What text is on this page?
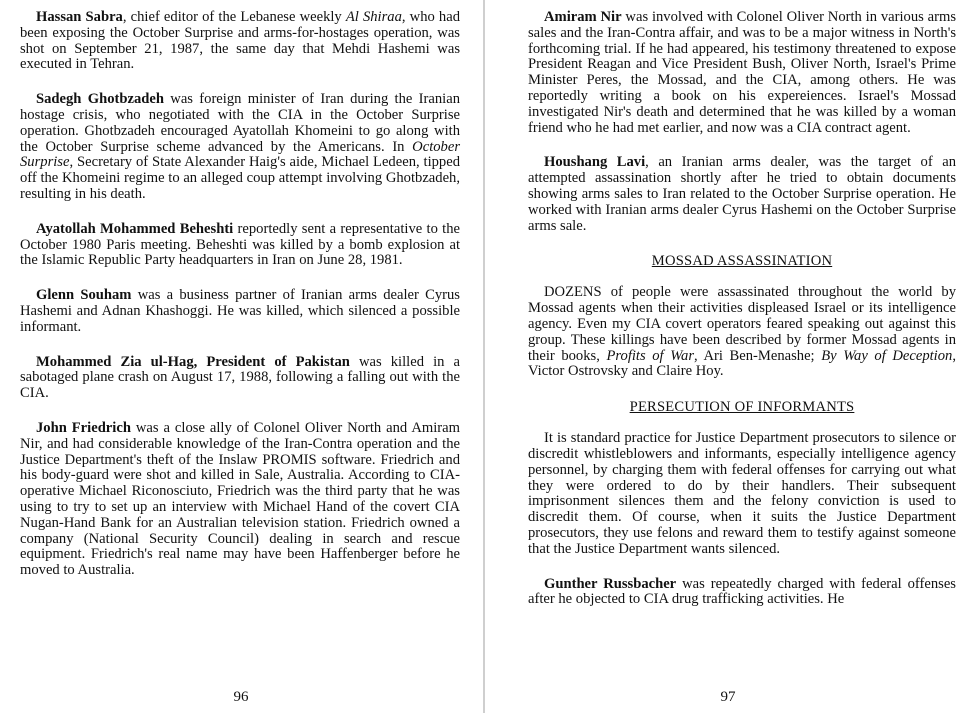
Hassan Sabra, chief editor of the Lebanese weekly Al Shiraa, who had been exposing the October Surprise and arms-for-hostages operation, was shot on September 21, 1987, the same day that Mehdi Hashemi was executed in Tehran.

Sadegh Ghotbzadeh was foreign minister of Iran during the Iranian hostage crisis, who negotiated with the CIA in the October Surprise operation. Ghotbzadeh encouraged Ayatollah Khomeini to go along with the October Surprise scheme advanced by the Americans. In October Surprise, Secretary of State Alexander Haig's aide, Michael Ledeen, tipped off the Khomeini regime to an alleged coup attempt involving Ghotbzadeh, resulting in his death.

Ayatollah Mohammed Beheshti reportedly sent a representative to the October 1980 Paris meeting. Beheshti was killed by a bomb explosion at the Islamic Republic Party headquarters in Iran on June 28, 1981.

Glenn Souham was a business partner of Iranian arms dealer Cyrus Hashemi and Adnan Khashoggi. He was killed, which silenced a possible informant.

Mohammed Zia ul-Hag, President of Pakistan was killed in a sabotaged plane crash on August 17, 1988, following a falling out with the CIA.

John Friedrich was a close ally of Colonel Oliver North and Amiram Nir, and had considerable knowledge of the Iran-Contra operation and the Justice Department's theft of the Inslaw PROMIS software. Friedrich and his body-guard were shot and killed in Sale, Australia. According to CIA-operative Michael Riconosciuto, Friedrich was the third party that he was using to try to set up an interview with Michael Hand of the covert CIA Nugan-Hand Bank for an Australian television station. Friedrich owned a company (National Security Council) dealing in search and rescue equipment. Friedrich's real name may have been Haffenberger before he moved to Australia.

96

Amiram Nir was involved with Colonel Oliver North in various arms sales and the Iran-Contra affair, and was to be a major witness in North's forthcoming trial. If he had appeared, his testimony threatened to expose President Reagan and Vice President Bush, Oliver North, Israel's Prime Minister Peres, the Mossad, and the CIA, among others. He was reportedly writing a book on his expereiences. Israel's Mossad investigated Nir's death and determined that he was killed by a woman friend who he had met earlier, and now was a CIA contract agent.

Houshang Lavi, an Iranian arms dealer, was the target of an attempted assassination shortly after he tried to obtain documents showing arms sales to Iran related to the October Surprise operation. He worked with Iranian arms dealer Cyrus Hashemi on the October Surprise arms sale.

MOSSAD ASSASSINATION

DOZENS of people were assassinated throughout the world by Mossad agents when their activities displeased Israel or its intelligence agency. Even my CIA covert operators feared speaking out against this group. These killings have been described by former Mossad agents in their books, Profits of War, Ari Ben-Menashe; By Way of Deception, Victor Ostrovsky and Claire Hoy.

PERSECUTION OF INFORMANTS

It is standard practice for Justice Department prosecutors to silence or discredit whistleblowers and informants, especially intelligence agency personnel, by charging them with federal offenses for carrying out what they were ordered to do by their handlers. Their subsequent imprisonment silences them and the felony conviction is used to discredit them. Of course, when it suits the Justice Department prosecutors, they use felons and reward them to testify against someone that the Justice Department wants silenced.

Gunther Russbacher was repeatedly charged with federal offenses after he objected to CIA drug trafficking activities. He

97
